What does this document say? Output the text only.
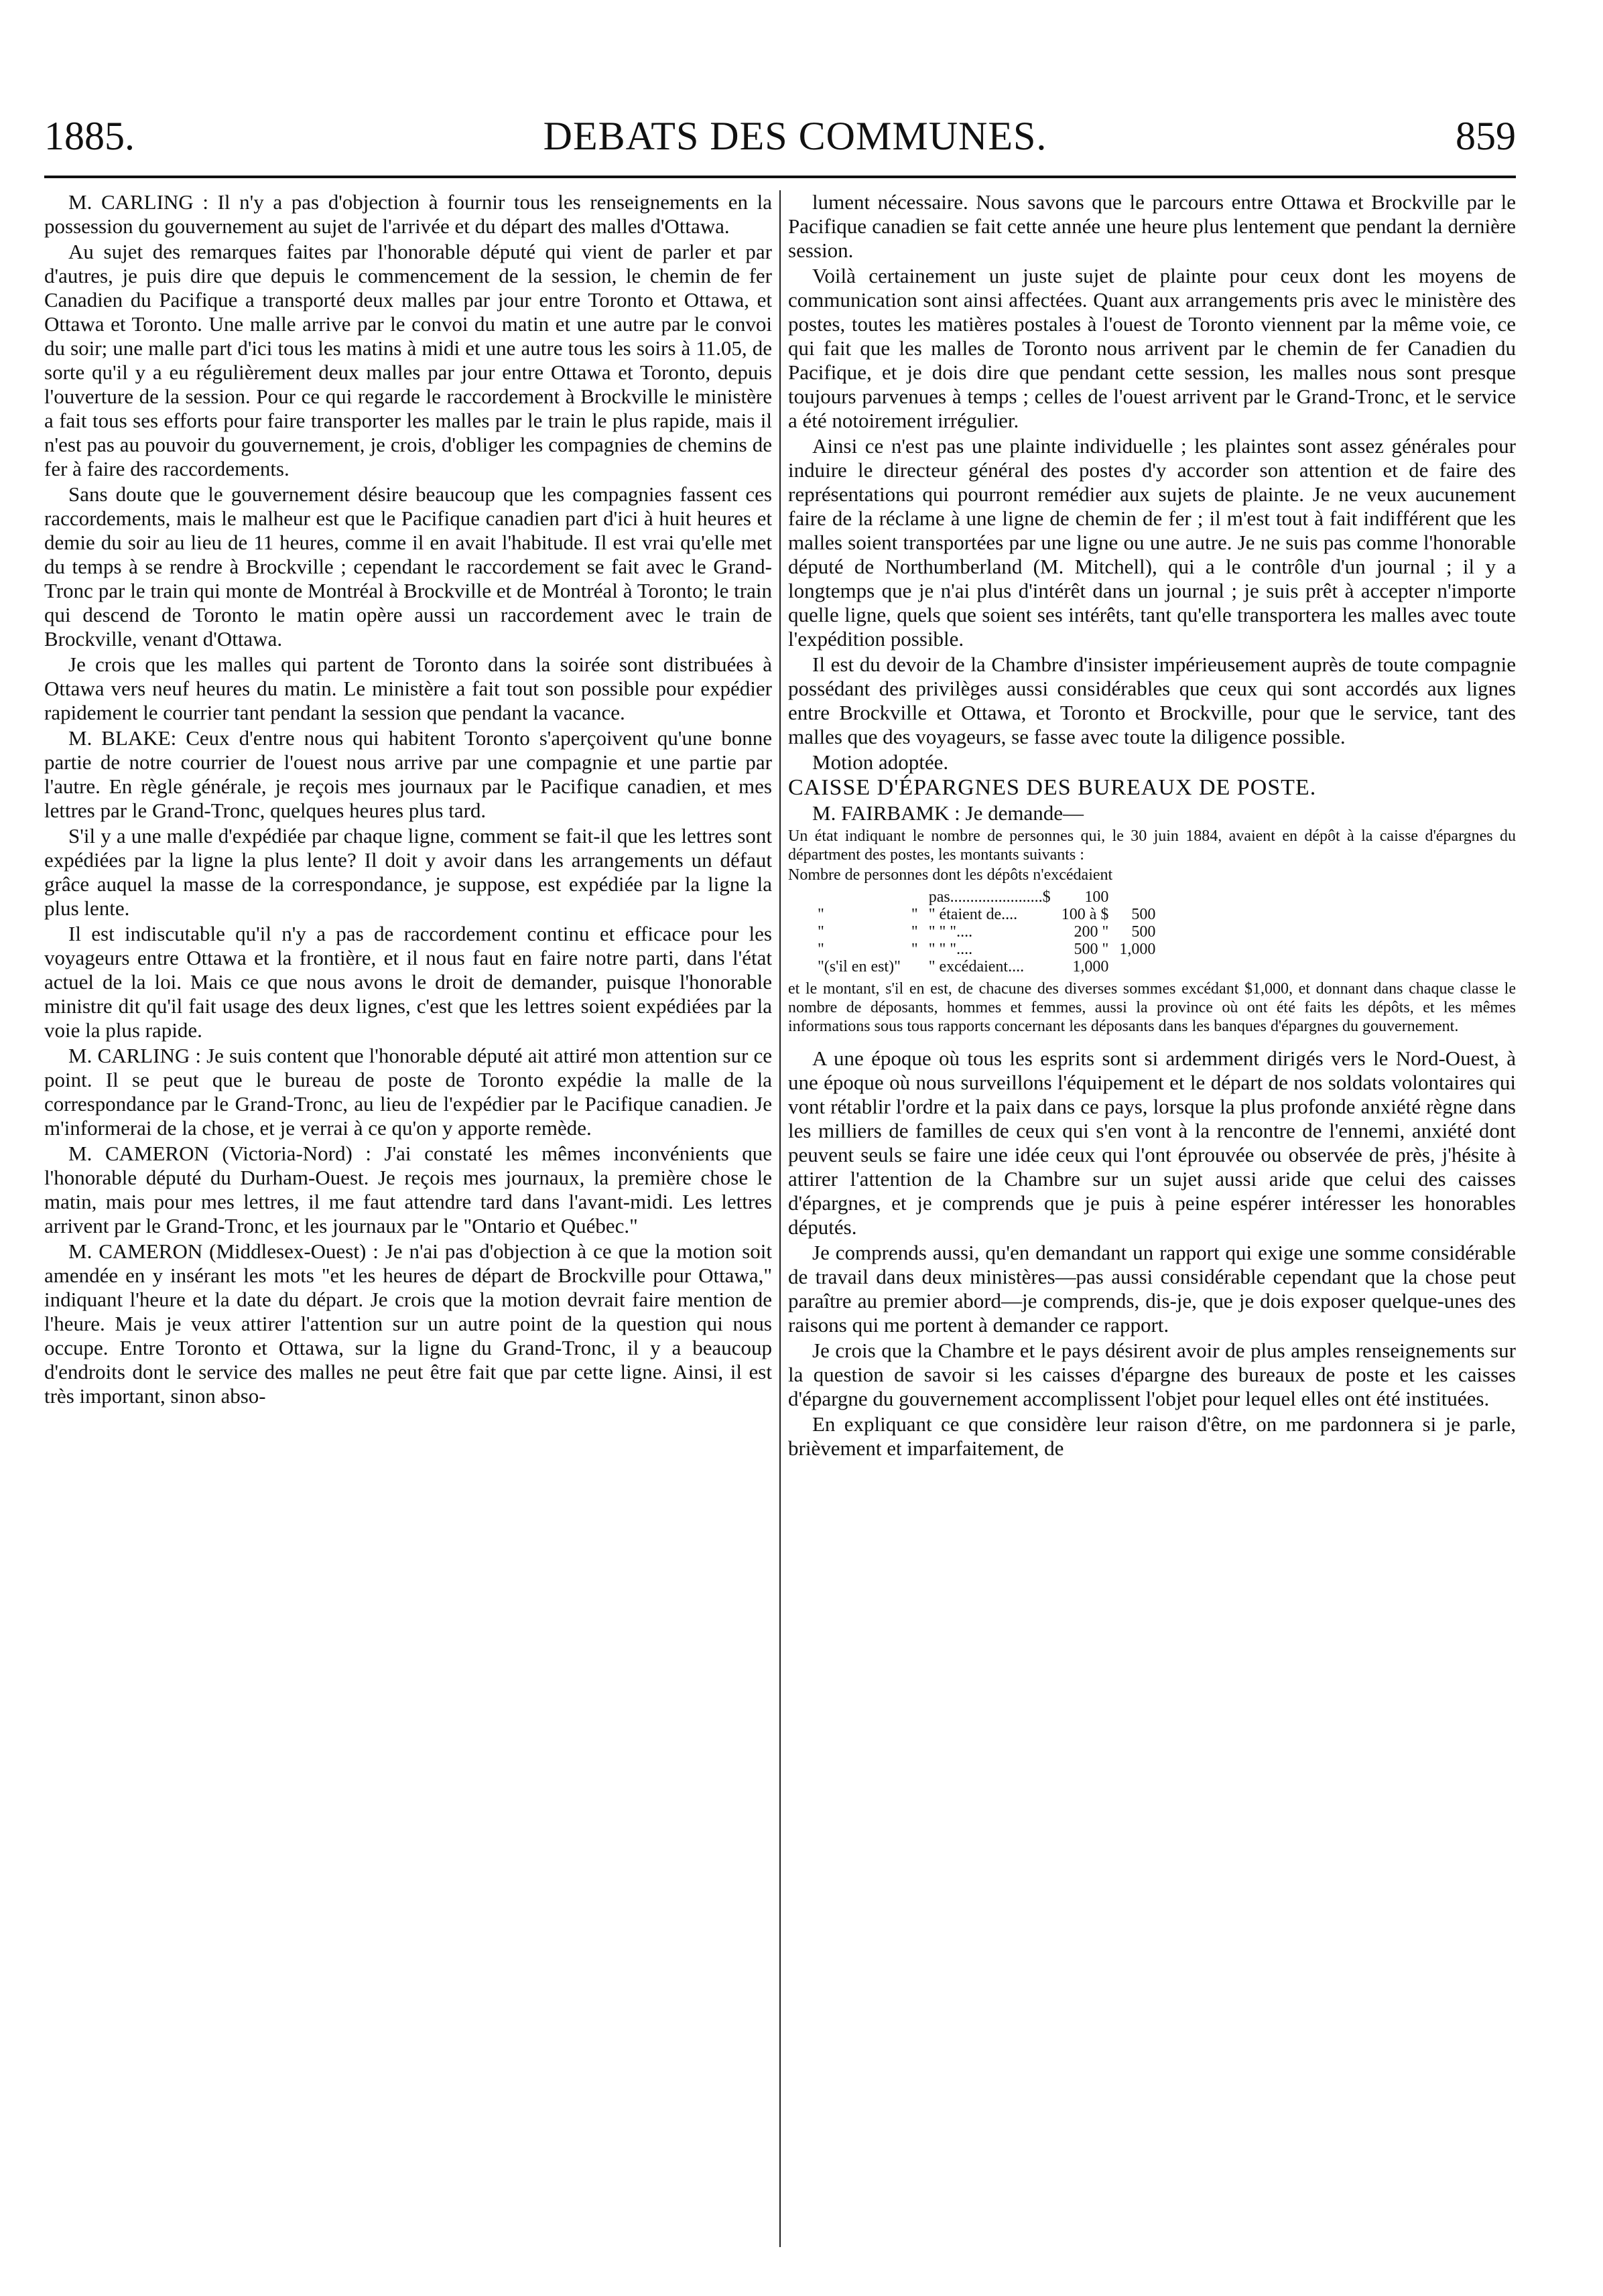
1885.	DEBATS DES COMMUNES.	859

M. CARLING : Il n'y a pas d'objection à fournir tous les renseignements en la possession du gouvernement au sujet de l'arrivée et du départ des malles d'Ottawa.

Au sujet des remarques faites par l'honorable député qui vient de parler et par d'autres, je puis dire que depuis le commencement de la session, le chemin de fer Canadien du Pacifique a transporté deux malles par jour entre Toronto et Ottawa, et Ottawa et Toronto. Une malle arrive par le convoi du matin et une autre par le convoi du soir; une malle part d'ici tous les matins à midi et une autre tous les soirs à 11.05, de sorte qu'il y a eu régulièrement deux malles par jour entre Ottawa et Toronto, depuis l'ouverture de la session. Pour ce qui regarde le raccordement à Brockville le ministère a fait tous ses efforts pour faire transporter les malles par le train le plus rapide, mais il n'est pas au pouvoir du gouvernement, je crois, d'obliger les compagnies de chemins de fer à faire des raccordements.

Sans doute que le gouvernement désire beaucoup que les compagnies fassent ces raccordements, mais le malheur est que le Pacifique canadien part d'ici à huit heures et demie du soir au lieu de 11 heures, comme il en avait l'habitude. Il est vrai qu'elle met du temps à se rendre à Brockville ; cependant le raccordement se fait avec le Grand-Tronc par le train qui monte de Montréal à Brockville et de Montréal à Toronto; le train qui descend de Toronto le matin opère aussi un raccordement avec le train de Brockville, venant d'Ottawa.

Je crois que les malles qui partent de Toronto dans la soirée sont distribuées à Ottawa vers neuf heures du matin. Le ministère a fait tout son possible pour expédier rapidement le courrier tant pendant la session que pendant la vacance.

M. BLAKE: Ceux d'entre nous qui habitent Toronto s'aperçoivent qu'une bonne partie de notre courrier de l'ouest nous arrive par une compagnie et une partie par l'autre. En règle générale, je reçois mes journaux par le Pacifique canadien, et mes lettres par le Grand-Tronc, quelques heures plus tard.

S'il y a une malle d'expédiée par chaque ligne, comment se fait-il que les lettres sont expédiées par la ligne la plus lente? Il doit y avoir dans les arrangements un défaut grâce auquel la masse de la correspondance, je suppose, est expédiée par la ligne la plus lente.

Il est indiscutable qu'il n'y a pas de raccordement continu et efficace pour les voyageurs entre Ottawa et la frontière, et il nous faut en faire notre parti, dans l'état actuel de la loi. Mais ce que nous avons le droit de demander, puisque l'honorable ministre dit qu'il fait usage des deux lignes, c'est que les lettres soient expédiées par la voie la plus rapide.

M. CARLING : Je suis content que l'honorable député ait attiré mon attention sur ce point. Il se peut que le bureau de poste de Toronto expédie la malle de la correspondance par le Grand-Tronc, au lieu de l'expédier par le Pacifique canadien. Je m'informerai de la chose, et je verrai à ce qu'on y apporte remède.

M. CAMERON (Victoria-Nord) : J'ai constaté les mêmes inconvénients que l'honorable député du Durham-Ouest. Je reçois mes journaux, la première chose le matin, mais pour mes lettres, il me faut attendre tard dans l'avant-midi. Les lettres arrivent par le Grand-Tronc, et les journaux par le "Ontario et Québec."

M. CAMERON (Middlesex-Ouest) : Je n'ai pas d'objection à ce que la motion soit amendée en y insérant les mots "et les heures de départ de Brockville pour Ottawa," indiquant l'heure et la date du départ. Je crois que la motion devrait faire mention de l'heure. Mais je veux attirer l'attention sur un autre point de la question qui nous occupe. Entre Toronto et Ottawa, sur la ligne du Grand-Tronc, il y a beaucoup d'endroits dont le service des malles ne peut être fait que par cette ligne. Ainsi, il est très important, sinon abso-

lument nécessaire. Nous savons que le parcours entre Ottawa et Brockville par le Pacifique canadien se fait cette année une heure plus lentement que pendant la dernière session.

Voilà certainement un juste sujet de plainte pour ceux dont les moyens de communication sont ainsi affectées. Quant aux arrangements pris avec le ministère des postes, toutes les matières postales à l'ouest de Toronto viennent par la même voie, ce qui fait que les malles de Toronto nous arrivent par le chemin de fer Canadien du Pacifique, et je dois dire que pendant cette session, les malles nous sont presque toujours parvenues à temps ; celles de l'ouest arrivent par le Grand-Tronc, et le service a été notoirement irrégulier.

Ainsi ce n'est pas une plainte individuelle ; les plaintes sont assez générales pour induire le directeur général des postes d'y accorder son attention et de faire des représentations qui pourront remédier aux sujets de plainte. Je ne veux aucunement faire de la réclame à une ligne de chemin de fer ; il m'est tout à fait indifférent que les malles soient transportées par une ligne ou une autre. Je ne suis pas comme l'honorable député de Northumberland (M. Mitchell), qui a le contrôle d'un journal ; il y a longtemps que je n'ai plus d'intérêt dans un journal ; je suis prêt à accepter n'importe quelle ligne, quels que soient ses intérêts, tant qu'elle transportera les malles avec toute l'expédition possible.

Il est du devoir de la Chambre d'insister impérieusement auprès de toute compagnie possédant des privilèges aussi considérables que ceux qui sont accordés aux lignes entre Brockville et Ottawa, et Toronto et Brockville, pour que le service, tant des malles que des voyageurs, se fasse avec toute la diligence possible.

Motion adoptée.

CAISSE D'ÉPARGNES DES BUREAUX DE POSTE.

M. FAIRBAMK : Je demande—

Un état indiquant le nombre de personnes qui, le 30 juin 1884, avaient en dépôt à la caisse d'épargnes du départment des postes, les montants suivants :

Nombre de personnes dont les dépôts n'excédaient

		pas.......................$	100	
"	"	" étaient de....	100 à $	500
"	"	" " "....	200 "	500
"	"	" " "....	500 "	1,000
"(s'il en est)"		" excédaient....	1,000	

et le montant, s'il en est, de chacune des diverses sommes excédant $1,000, et donnant dans chaque classe le nombre de déposants, hommes et femmes, aussi la province où ont été faits les dépôts, et les mêmes informations sous tous rapports concernant les déposants dans les banques d'épargnes du gouvernement.

A une époque où tous les esprits sont si ardemment dirigés vers le Nord-Ouest, à une époque où nous surveillons l'équipement et le départ de nos soldats volontaires qui vont rétablir l'ordre et la paix dans ce pays, lorsque la plus profonde anxiété règne dans les milliers de familles de ceux qui s'en vont à la rencontre de l'ennemi, anxiété dont peuvent seuls se faire une idée ceux qui l'ont éprouvée ou observée de près, j'hésite à attirer l'attention de la Chambre sur un sujet aussi aride que celui des caisses d'épargnes, et je comprends que je puis à peine espérer intéresser les honorables députés.

Je comprends aussi, qu'en demandant un rapport qui exige une somme considérable de travail dans deux ministères—pas aussi considérable cependant que la chose peut paraître au premier abord—je comprends, dis-je, que je dois exposer quelque-unes des raisons qui me portent à demander ce rapport.

Je crois que la Chambre et le pays désirent avoir de plus amples renseignements sur la question de savoir si les caisses d'épargne des bureaux de poste et les caisses d'épargne du gouvernement accomplissent l'objet pour lequel elles ont été instituées.

En expliquant ce que considère leur raison d'être, on me pardonnera si je parle, brièvement et imparfaitement, de
